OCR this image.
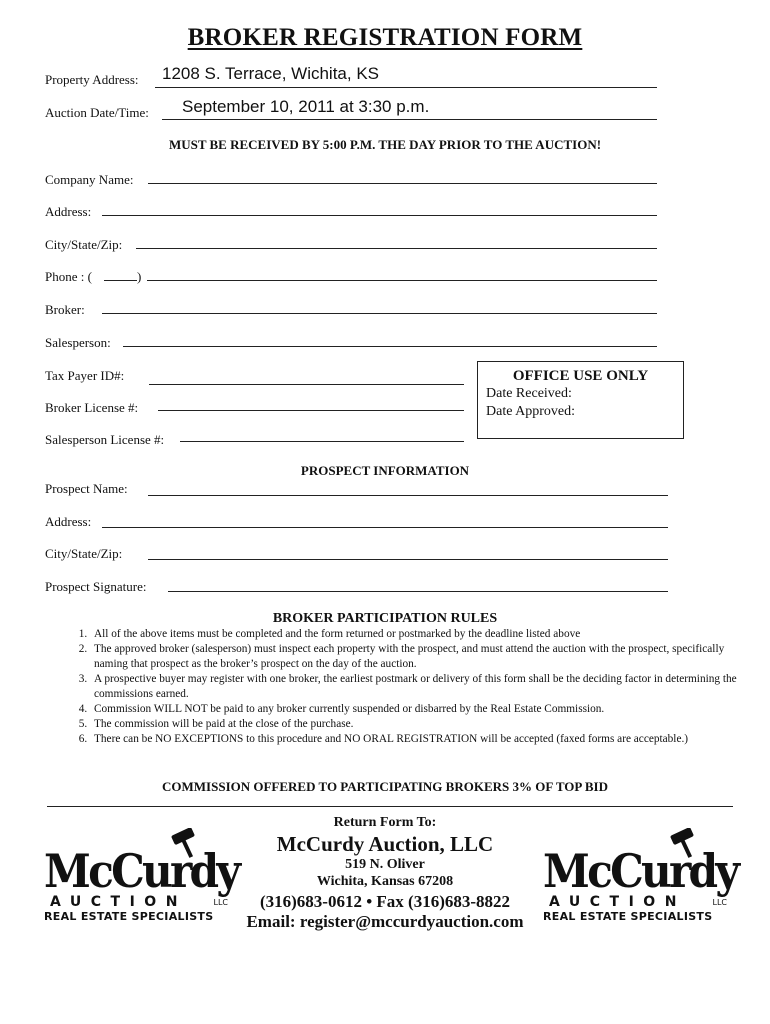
BROKER REGISTRATION FORM
Property Address: 1208 S. Terrace, Wichita, KS
Auction Date/Time: September 10, 2011 at 3:30 p.m.
MUST BE RECEIVED BY 5:00 P.M. THE DAY PRIOR TO THE AUCTION!
Company Name:
Address:
City/State/Zip:
Phone : (	)
Broker:
Salesperson:
Tax Payer ID#:
Broker License #:
Salesperson License #:
OFFICE USE ONLY
Date Received:
Date Approved:
PROSPECT INFORMATION
Prospect Name:
Address:
City/State/Zip:
Prospect Signature:
BROKER PARTICIPATION RULES
1. All of the above items must be completed and the form returned or postmarked by the deadline listed above
2. The approved broker (salesperson) must inspect each property with the prospect, and must attend the auction with the prospect, specifically naming that prospect as the broker’s prospect on the day of the auction.
3. A prospective buyer may register with one broker, the earliest postmark or delivery of this form shall be the deciding factor in determining the commissions earned.
4. Commission WILL NOT be paid to any broker currently suspended or disbarred by the Real Estate Commission.
5. The commission will be paid at the close of the purchase.
6. There can be NO EXCEPTIONS to this procedure and NO ORAL REGISTRATION will be accepted (faxed forms are acceptable.)
COMMISSION OFFERED TO PARTICIPATING BROKERS 3% OF TOP BID
Return Form To:
McCurdy Auction, LLC
519 N. Oliver
Wichita, Kansas 67208
(316)683-0612 • Fax (316)683-8822
Email: register@mccurdyauction.com
McCurdy
AUCTION	LLC
REAL ESTATE SPECIALISTS
McCurdy
AUCTION	LLC
REAL ESTATE SPECIALISTS
